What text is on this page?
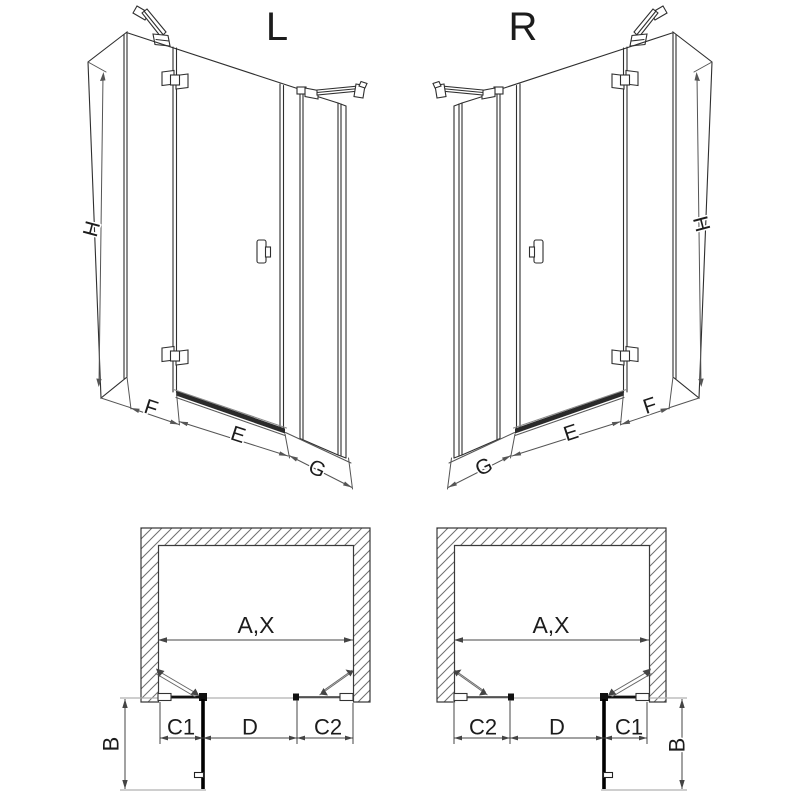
L
H
F
E
G
R
H
F
E
G
A,X
C1 D	C2
B
A,X
C2 D C1
B
